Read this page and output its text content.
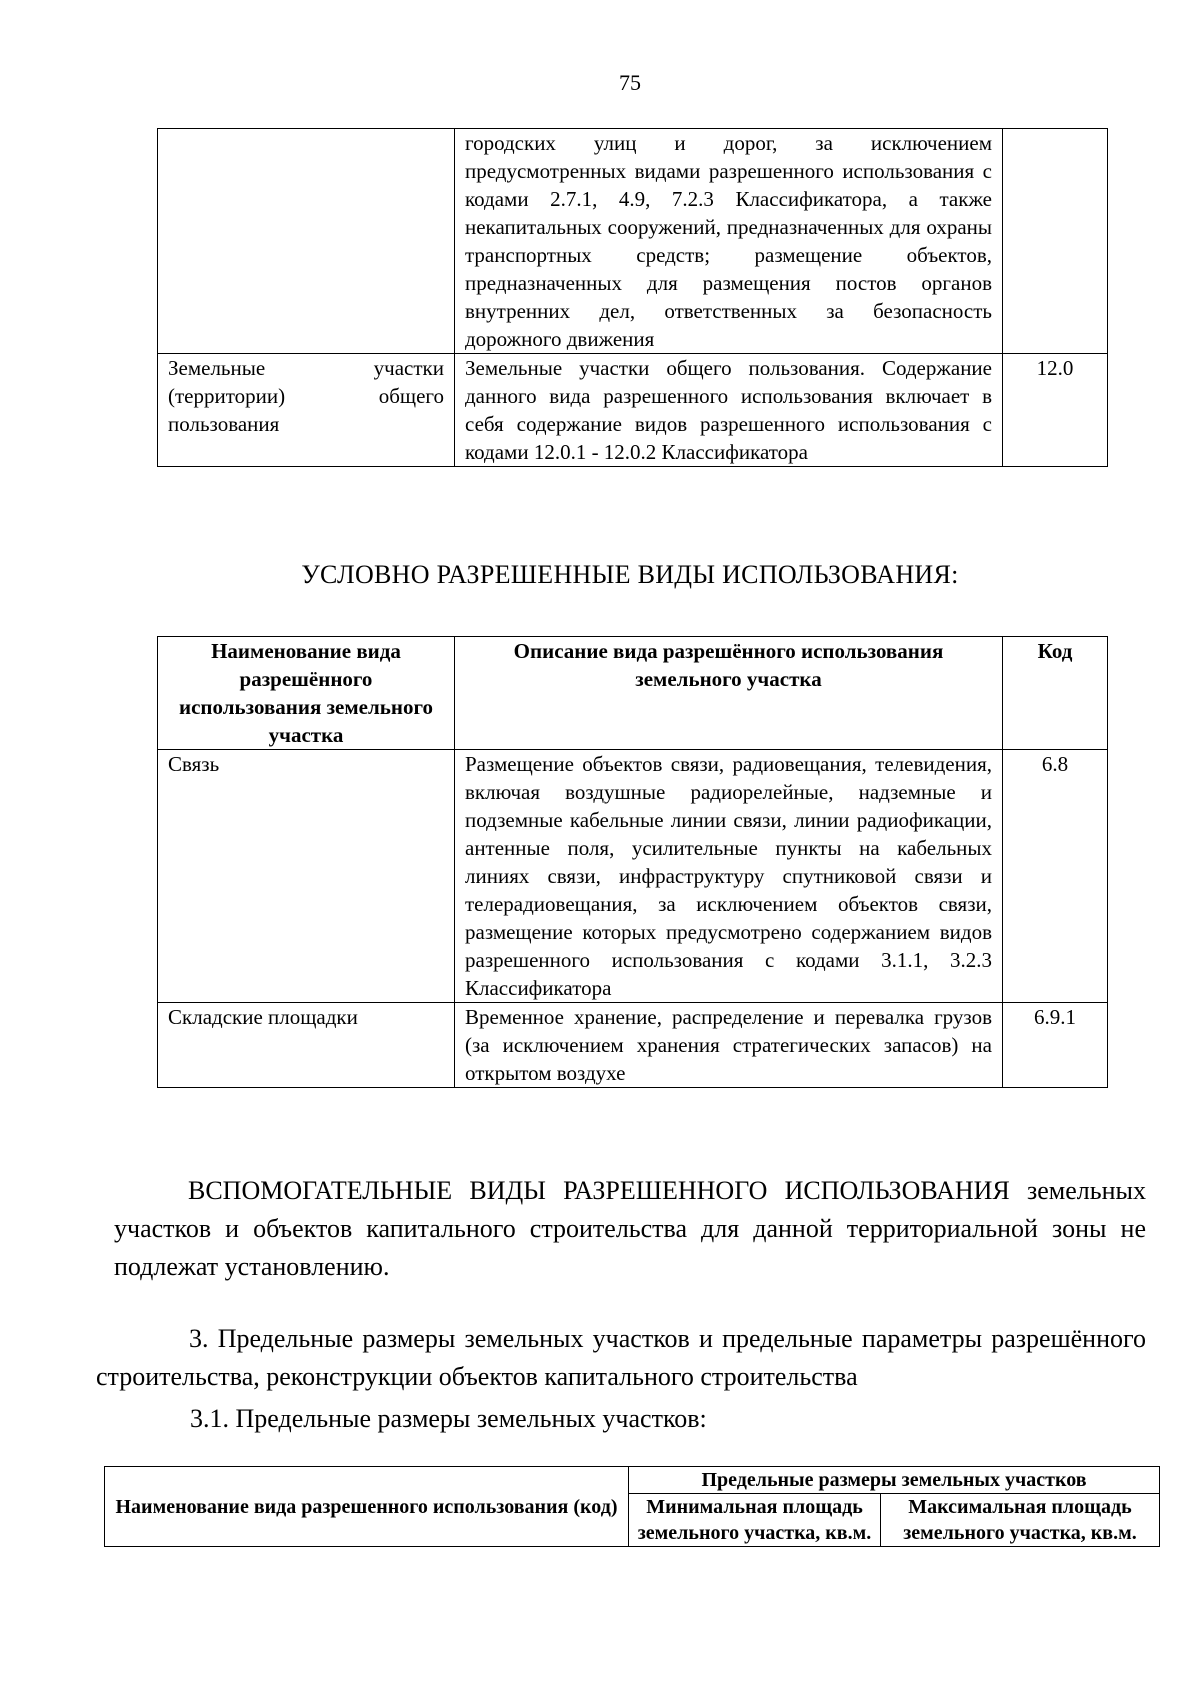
75
	городских улиц и дорог, за исключением предусмотренных видами разрешенного использования с кодами 2.7.1, 4.9, 7.2.3 Классификатора, а также некапитальных сооружений, предназначенных для охраны транспортных средств; размещение объектов, предназначенных для размещения постов органов внутренних дел, ответственных за безопасность дорожного движения	
Земельные участки (территории) общего пользования	Земельные участки общего пользования. Содержание данного вида разрешенного использования включает в себя содержание видов разрешенного использования с кодами 12.0.1 - 12.0.2 Классификатора	12.0
УСЛОВНО РАЗРЕШЕННЫЕ ВИДЫ ИСПОЛЬЗОВАНИЯ:
Наименование вида разрешённого использования земельного участка	Описание вида разрешённого использования земельного участка	Код
Связь	Размещение объектов связи, радиовещания, телевидения, включая воздушные радиорелейные, надземные и подземные кабельные линии связи, линии радиофикации, антенные поля, усилительные пункты на кабельных линиях связи, инфраструктуру спутниковой связи и телерадиовещания, за исключением объектов связи, размещение которых предусмотрено содержанием видов разрешенного использования с кодами 3.1.1, 3.2.3 Классификатора	6.8
Складские площадки	Временное хранение, распределение и перевалка грузов (за исключением хранения стратегических запасов) на открытом воздухе	6.9.1
ВСПОМОГАТЕЛЬНЫЕ ВИДЫ РАЗРЕШЕННОГО ИСПОЛЬЗОВАНИЯ земельных участков и объектов капитального строительства для данной территориальной зоны не подлежат установлению.
3. Предельные размеры земельных участков и предельные параметры разрешённого строительства, реконструкции объектов капитального строительства
3.1. Предельные размеры земельных участков:
Наименование вида разрешенного использования (код)	Предельные размеры земельных участков	
	Минимальная площадь земельного участка, кв.м.	Максимальная площадь земельного участка, кв.м.
